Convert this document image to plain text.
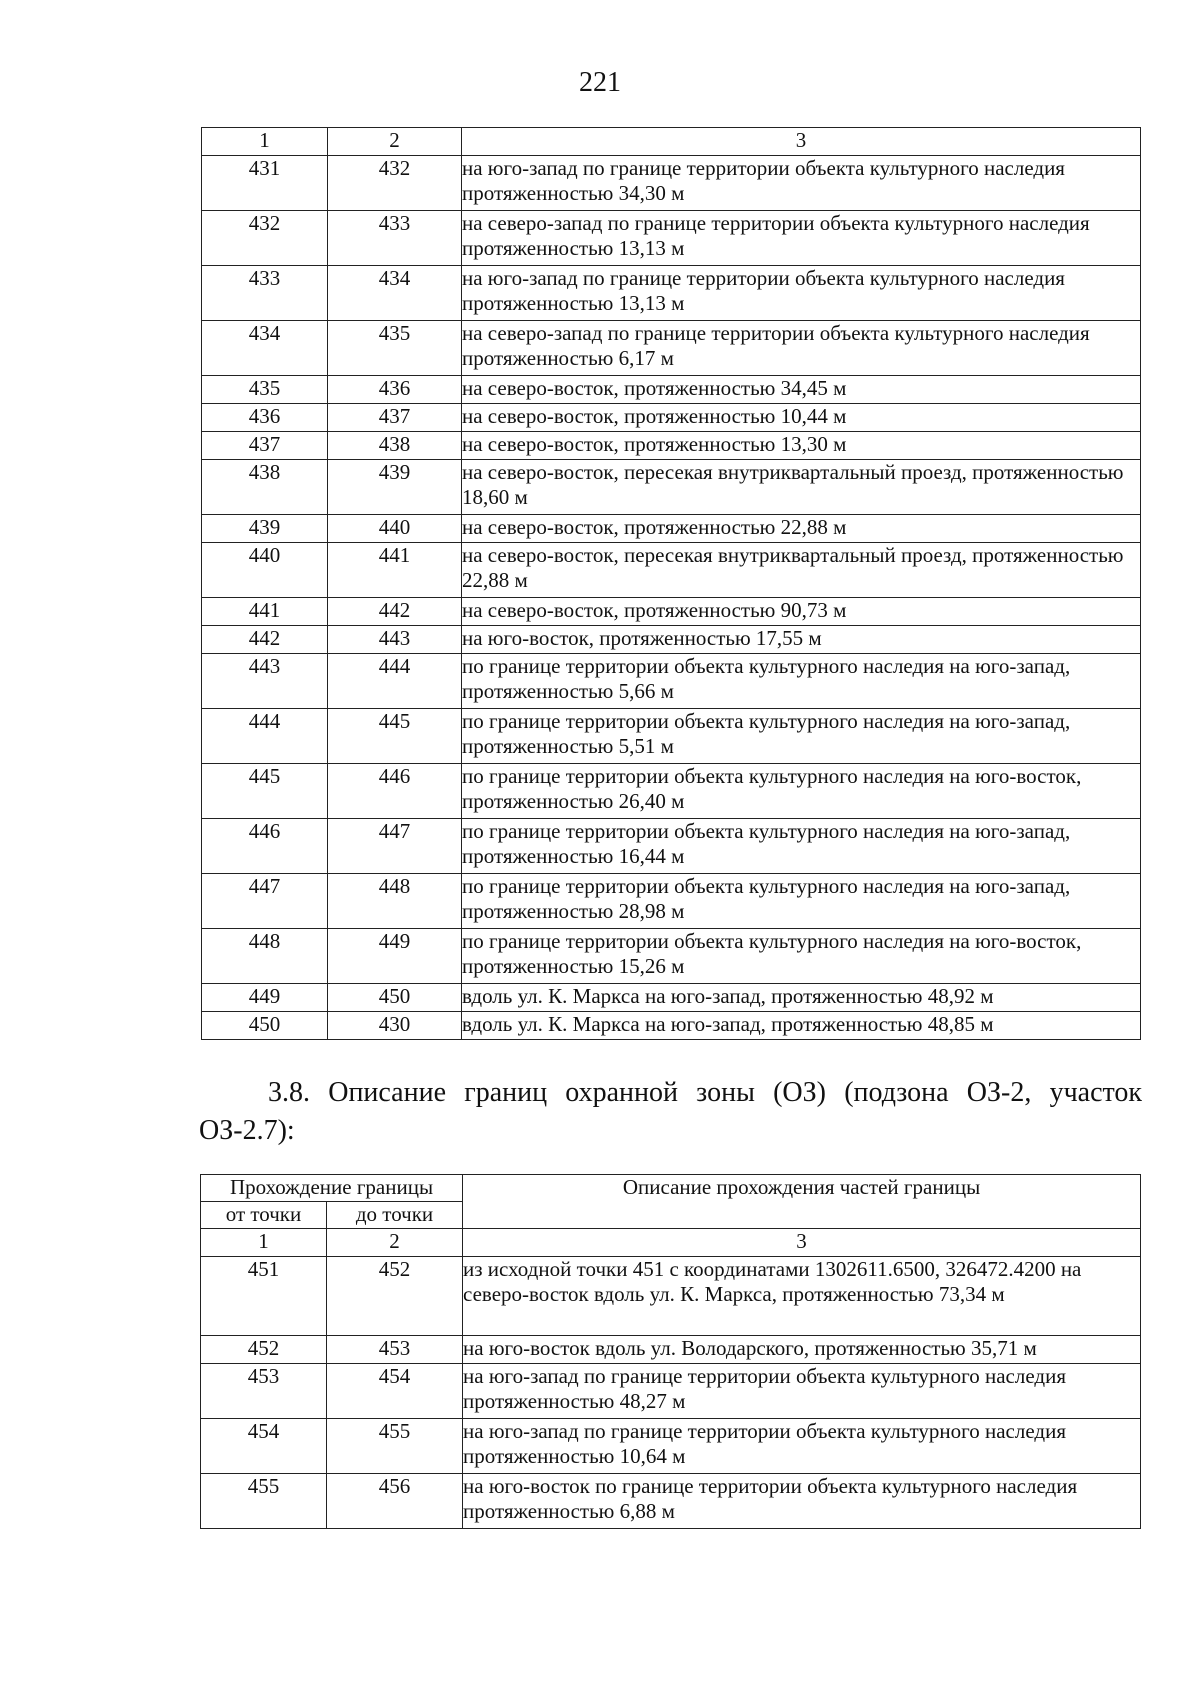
221
1	2	3
431	432	на юго-запад по границе территории объекта культурного наследия протяженностью 34,30 м
432	433	на северо-запад по границе территории объекта культурного наследия протяженностью 13,13 м
433	434	на юго-запад по границе территории объекта культурного наследия протяженностью 13,13 м
434	435	на северо-запад по границе территории объекта культурного наследия протяженностью 6,17 м
435	436	на северо-восток, протяженностью 34,45 м
436	437	на северо-восток, протяженностью 10,44 м
437	438	на северо-восток, протяженностью 13,30 м
438	439	на северо-восток, пересекая внутриквартальный проезд, протяженностью 18,60 м
439	440	на северо-восток, протяженностью 22,88 м
440	441	на северо-восток, пересекая внутриквартальный проезд, протяженностью 22,88 м
441	442	на северо-восток, протяженностью 90,73 м
442	443	на юго-восток, протяженностью 17,55 м
443	444	по границе территории объекта культурного наследия на юго-запад, протяженностью 5,66 м
444	445	по границе территории объекта культурного наследия на юго-запад, протяженностью 5,51 м
445	446	по границе территории объекта культурного наследия на юго-восток, протяженностью 26,40 м
446	447	по границе территории объекта культурного наследия на юго-запад, протяженностью 16,44 м
447	448	по границе территории объекта культурного наследия на юго-запад, протяженностью 28,98 м
448	449	по границе территории объекта культурного наследия на юго-восток, протяженностью 15,26 м
449	450	вдоль ул. К. Маркса на юго-запад, протяженностью 48,92 м
450	430	вдоль ул. К. Маркса на юго-запад, протяженностью 48,85 м
3.8. Описание границ охранной зоны (ОЗ) (подзона ОЗ-2, участок ОЗ-2.7):
Прохождение границы		Описание прохождения частей границы
от точки	до точки	
1	2	3
451	452	из исходной точки 451 с координатами 1302611.6500, 326472.4200 на северо-восток вдоль ул. К. Маркса, протяженностью 73,34 м
452	453	на юго-восток вдоль ул. Володарского, протяженностью 35,71 м
453	454	на юго-запад по границе территории объекта культурного наследия протяженностью 48,27 м
454	455	на юго-запад по границе территории объекта культурного наследия протяженностью 10,64 м
455	456	на юго-восток по границе территории объекта культурного наследия протяженностью 6,88 м
